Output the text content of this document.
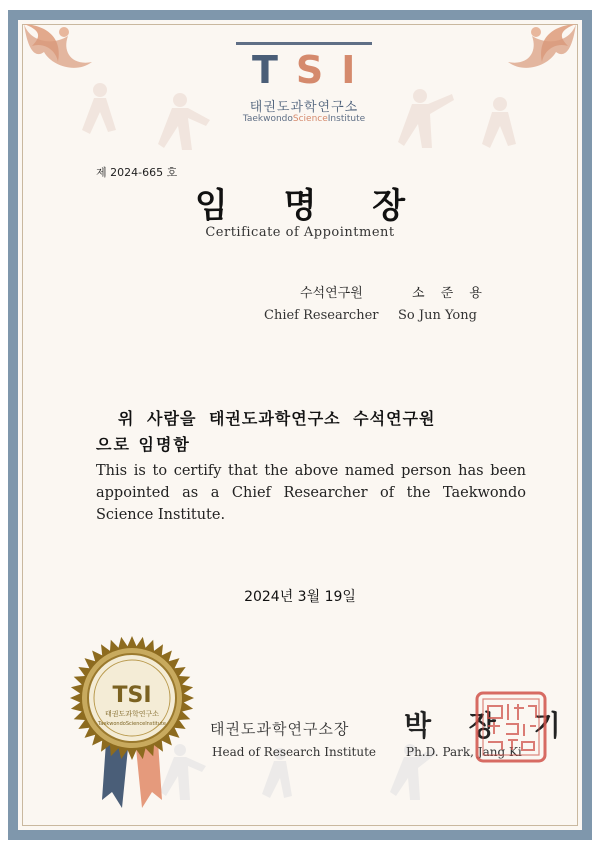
TSI
태권도과학연구소
TaekwondoScienceInstitute
제 2024-665 호
임 명 장
Certificate of Appointment
수석연구원	소 준 용
Chief Researcher So Jun Yong
위 사람을 태권도과학연구소 수석연구원
으로 임명함
This is to certify that the above named person has been appointed as a Chief Researcher of the Taekwondo Science Institute.
2024년 3월 19일
TSI
태권도과학연구소
TaekwondoScienceInstitute	태권도과학연구소장
Head of Research Institute
박 장 기
Ph.D. Park, Jang Ki
